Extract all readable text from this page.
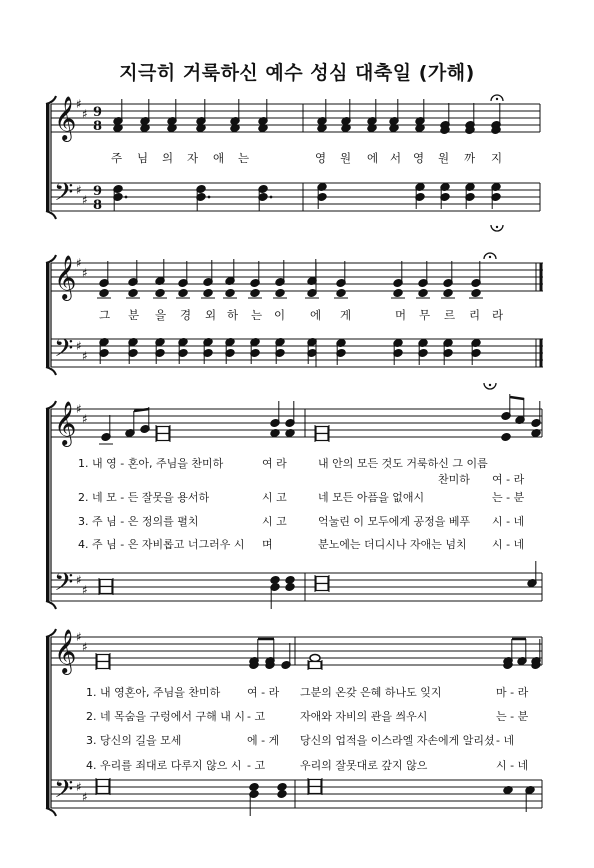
지극히 거룩하신 예수 성심 대축일 (가해)
𝄞
𝄢
♯
♯
♯
♯
𝄞
𝄢
♯
♯
♯
♯
𝄞
𝄢
♯
♯
♯
♯
𝄞
𝄢
♯
♯
♯
♯
9
8
9
8
주 님 의 자 애 는	영 원 에 서 영 원 까 지
그 분 을 경 외 하 는 이 에 게	머 무 르 리 라
1. 내 영 - 혼아, 주님을 찬미하	여 라	내 안의 모든 것도 거룩하신 그 이름
여 - 라
찬미하
2. 네 모 - 든 잘못을 용서하	시 고	네 모든 아픔을 없애시	는 - 분
3. 주 님 - 은 정의를 펼치	시 고	억눌린 이 모두에게 공정을 베푸 시 - 네
4. 주 님 - 은 자비롭고 너그러우 시 며	분노에는 더디시나 자애는 넘치 시 - 네
1. 내 영혼아, 주님을 찬미하 여 - 라 그분의 온갖 은혜 하나도 잊지	마 - 라
2. 네 목숨을 구렁에서 구해 내 시 - 고	자애와 자비의 관을 씌우시	는 - 분
3. 당신의 길을 모세	에 - 게 당신의 업적을 이스라엘 자손에게 알리셨 - 네
4. 우리를 죄대로 다루지 않으 시 - 고	우리의 잘못대로 갚지 않으	시 - 네
